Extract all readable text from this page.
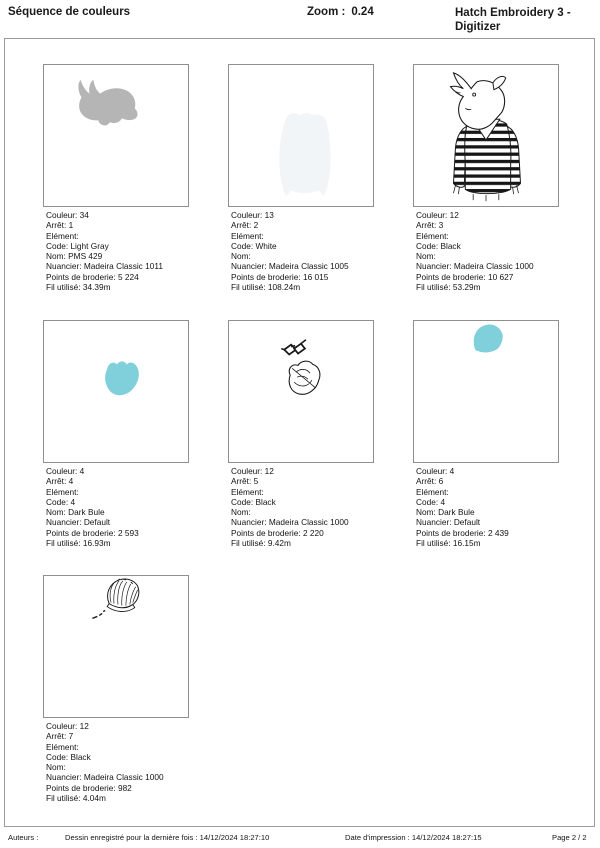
Séquence de couleurs	Zoom : 0.24	Hatch Embroidery 3 -
Digitizer
Couleur: 34
Arrêt: 1
Elément:
Code: Light Gray
Nom: PMS 429
Nuancier: Madeira Classic 1011
Points de broderie: 5 224
Fil utilisé: 34.39m
Couleur: 13
Arrêt: 2
Elément:
Code: White
Nom:
Nuancier: Madeira Classic 1005
Points de broderie: 16 015
Fil utilisé: 108.24m
Couleur: 12
Arrêt: 3
Elément:
Code: Black
Nom:
Nuancier: Madeira Classic 1000
Points de broderie: 10 627
Fil utilisé: 53.29m
Couleur: 4
Arrêt: 4
Elément:
Code: 4
Nom: Dark Bule
Nuancier: Default
Points de broderie: 2 593
Fil utilisé: 16.93m
Couleur: 12
Arrêt: 5
Elément:
Code: Black
Nom:
Nuancier: Madeira Classic 1000
Points de broderie: 2 220
Fil utilisé: 9.42m
Couleur: 4
Arrêt: 6
Elément:
Code: 4
Nom: Dark Bule
Nuancier: Default
Points de broderie: 2 439
Fil utilisé: 16.15m
Couleur: 12
Arrêt: 7
Elément:
Code: Black
Nom:
Nuancier: Madeira Classic 1000
Points de broderie: 982
Fil utilisé: 4.04m
Auteurs :	Dessin enregistré pour la dernière fois : 14/12/2024 18:27:10	Date d'impression : 14/12/2024 18:27:15	Page 2 / 2
